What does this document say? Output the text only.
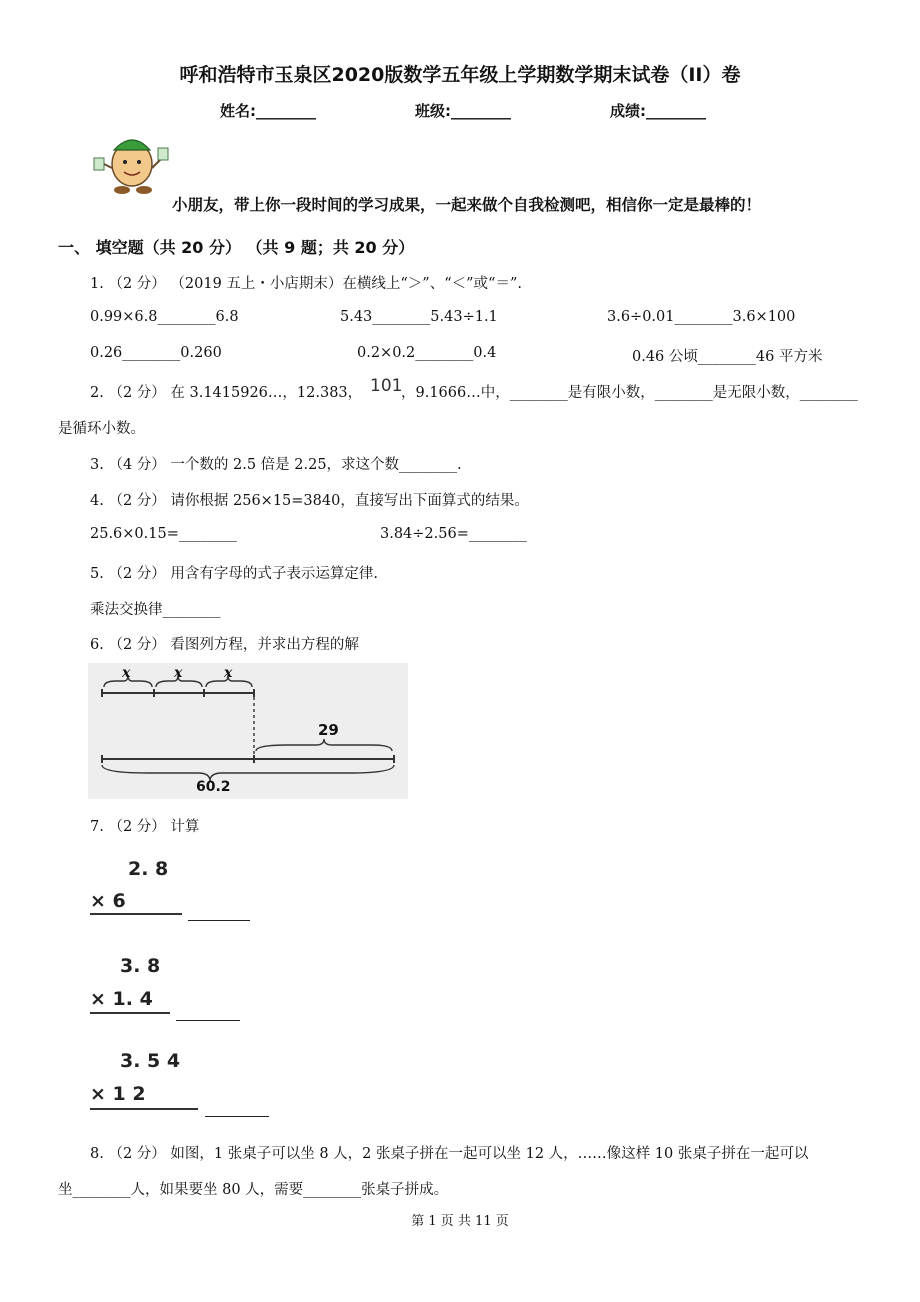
呼和浩特市玉泉区2020版数学五年级上学期数学期末试卷（II）卷
姓名:________	班级:________	成绩:________
小朋友，带上你一段时间的学习成果，一起来做个自我检测吧，相信你一定是最棒的！
一、 填空题（共 20 分） （共 9 题；共 20 分）
1. （2 分） （2019 五上・小店期末）在横线上“＞”、“＜”或“＝”.
0.99×6.8________6.8	5.43________5.43÷1.1	3.6÷0.01________3.6×100
0.26________0.260	0.2×0.2________0.4	0.46 公顷________46 平方米
2. （2 分） 在 3.1415926…，12.383， 101
，9.1666…中，________是有限小数，________是无限小数，________
是循环小数。
3. （4 分） 一个数的 2.5 倍是 2.25，求这个数________.
4. （2 分） 请你根据 256×15=3840，直接写出下面算式的结果。
25.6×0.15=________	3.84÷2.56=________
5. （2 分） 用含有字母的式子表示运算定律.
乘法交换律________
6. （2 分） 看图列方程，并求出方程的解
x	x	x
29
60.2
7. （2 分） 计算
2. 8
× 6
3. 8
× 1. 4
3. 5 4
× 1 2
8. （2 分） 如图，1 张桌子可以坐 8 人，2 张桌子拼在一起可以坐 12 人，……像这样 10 张桌子拼在一起可以
坐________人，如果要坐 80 人，需要________张桌子拼成。
第 1 页 共 11 页
